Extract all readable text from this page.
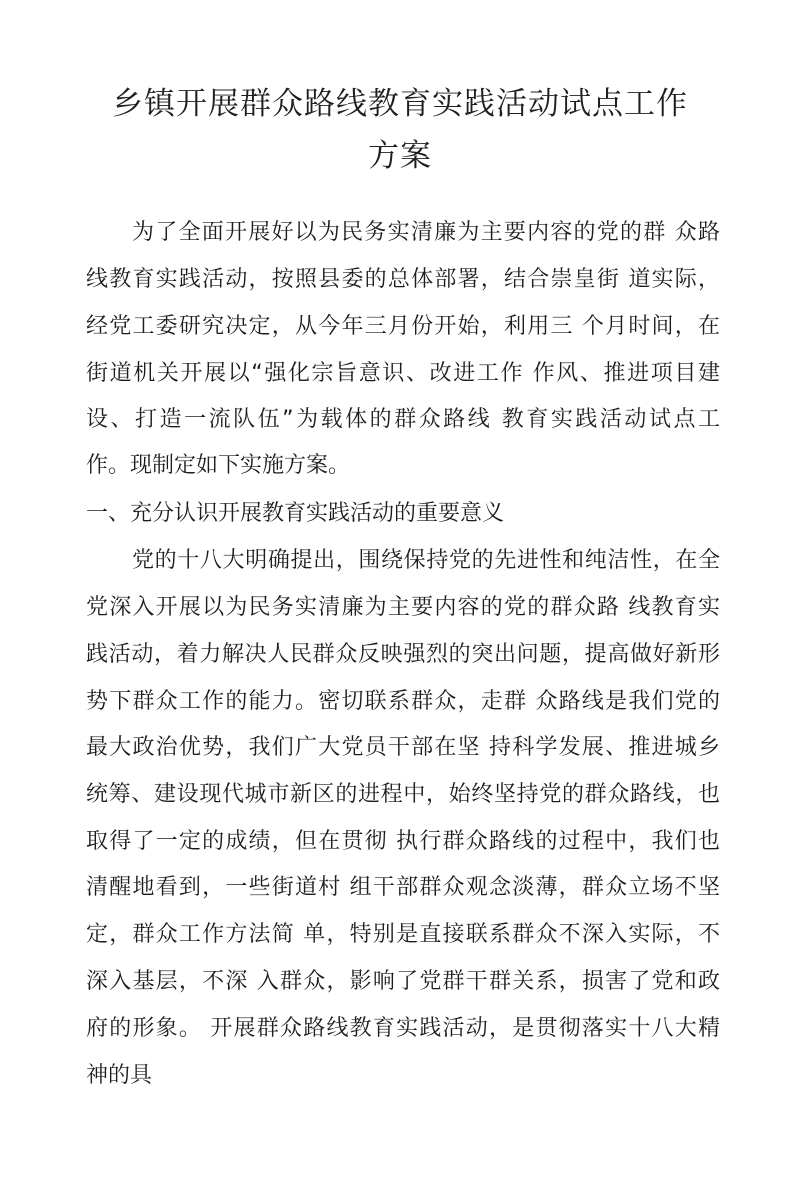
乡镇开展群众路线教育实践活动试点工作
方案
为了全面开展好以为民务实清廉为主要内容的党的群 众路
线教育实践活动，按照县委的总体部署，结合崇皇街 道实际，
经党工委研究决定，从今年三月份开始，利用三 个月时间，在
街道机关开展以“强化宗旨意识、改进工作 作风、推进项目建
设、打造一流队伍”为载体的群众路线 教育实践活动试点工
作。现制定如下实施方案。
一、充分认识开展教育实践活动的重要意义
党的十八大明确提出，围绕保持党的先进性和纯洁性，在全
党深入开展以为民务实清廉为主要内容的党的群众路 线教育实
践活动，着力解决人民群众反映强烈的突出问题，提高做好新形
势下群众工作的能力。密切联系群众，走群 众路线是我们党的
最大政治优势，我们广大党员干部在坚 持科学发展、推进城乡
统筹、建设现代城市新区的进程中，始终坚持党的群众路线，也
取得了一定的成绩，但在贯彻 执行群众路线的过程中，我们也
清醒地看到，一些街道村 组干部群众观念淡薄，群众立场不坚
定，群众工作方法简 单，特别是直接联系群众不深入实际，不
深入基层，不深 入群众，影响了党群干群关系，损害了党和政
府的形象。 开展群众路线教育实践活动，是贯彻落实十八大精
神的具
